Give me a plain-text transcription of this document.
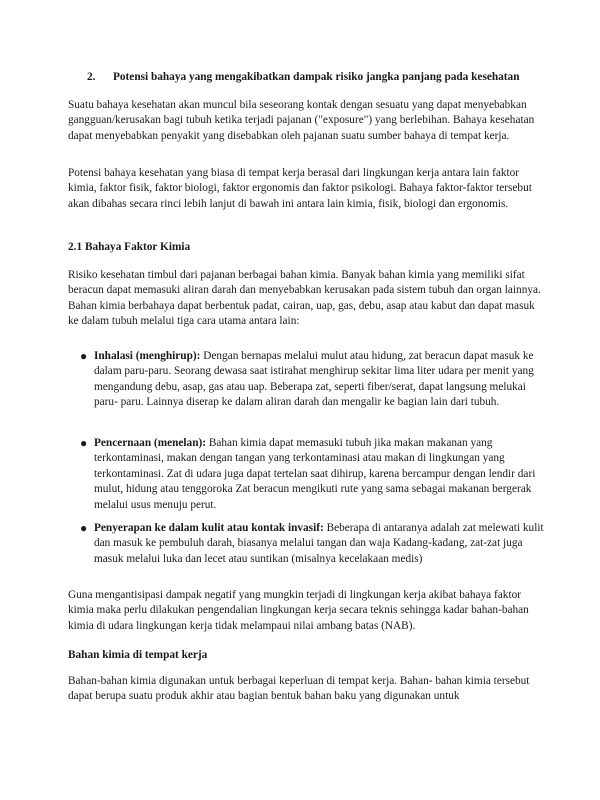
2. Potensi bahaya yang mengakibatkan dampak risiko jangka panjang pada kesehatan
Suatu bahaya kesehatan akan muncul bila seseorang kontak dengan sesuatu yang dapat menyebabkan gangguan/kerusakan bagi tubuh ketika terjadi pajanan ("exposure") yang berlebihan. Bahaya kesehatan dapat menyebabkan penyakit yang disebabkan oleh pajanan suatu sumber bahaya di tempat kerja.
Potensi bahaya kesehatan yang biasa di tempat kerja berasal dari lingkungan kerja antara lain faktor kimia, faktor fisik, faktor biologi, faktor ergonomis dan faktor psikologi. Bahaya faktor-faktor tersebut akan dibahas secara rinci lebih lanjut di bawah ini antara lain kimia, fisik, biologi dan ergonomis.
2.1 Bahaya Faktor Kimia
Risiko kesehatan timbul dari pajanan berbagai bahan kimia. Banyak bahan kimia yang memiliki sifat beracun dapat memasuki aliran darah dan menyebabkan kerusakan pada sistem tubuh dan organ lainnya. Bahan kimia berbahaya dapat berbentuk padat, cairan, uap, gas, debu, asap atau kabut dan dapat masuk ke dalam tubuh melalui tiga cara utama antara lain:
● Inhalasi (menghirup): Dengan bernapas melalui mulut atau hidung, zat beracun dapat masuk ke dalam paru-paru. Seorang dewasa saat istirahat menghirup sekitar lima liter udara per menit yang mengandung debu, asap, gas atau uap. Beberapa zat, seperti fiber/serat, dapat langsung melukai paru- paru. Lainnya diserap ke dalam aliran darah dan mengalir ke bagian lain dari tubuh.
● Pencernaan (menelan): Bahan kimia dapat memasuki tubuh jika makan makanan yang terkontaminasi, makan dengan tangan yang terkontaminasi atau makan di lingkungan yang terkontaminasi. Zat di udara juga dapat tertelan saat dihirup, karena bercampur dengan lendir dari mulut, hidung atau tenggoroka Zat beracun mengikuti rute yang sama sebagai makanan bergerak melalui usus menuju perut.
● Penyerapan ke dalam kulit atau kontak invasif: Beberapa di antaranya adalah zat melewati kulit dan masuk ke pembuluh darah, biasanya melalui tangan dan waja Kadang-kadang, zat-zat juga masuk melalui luka dan lecet atau suntikan (misalnya kecelakaan medis)
Guna mengantisipasi dampak negatif yang mungkin terjadi di lingkungan kerja akibat bahaya faktor kimia maka perlu dilakukan pengendalian lingkungan kerja secara teknis sehingga kadar bahan-bahan kimia di udara lingkungan kerja tidak melampaui nilai ambang batas (NAB).
Bahan kimia di tempat kerja
Bahan-bahan kimia digunakan untuk berbagai keperluan di tempat kerja. Bahan- bahan kimia tersebut dapat berupa suatu produk akhir atau bagian bentuk bahan baku yang digunakan untuk
